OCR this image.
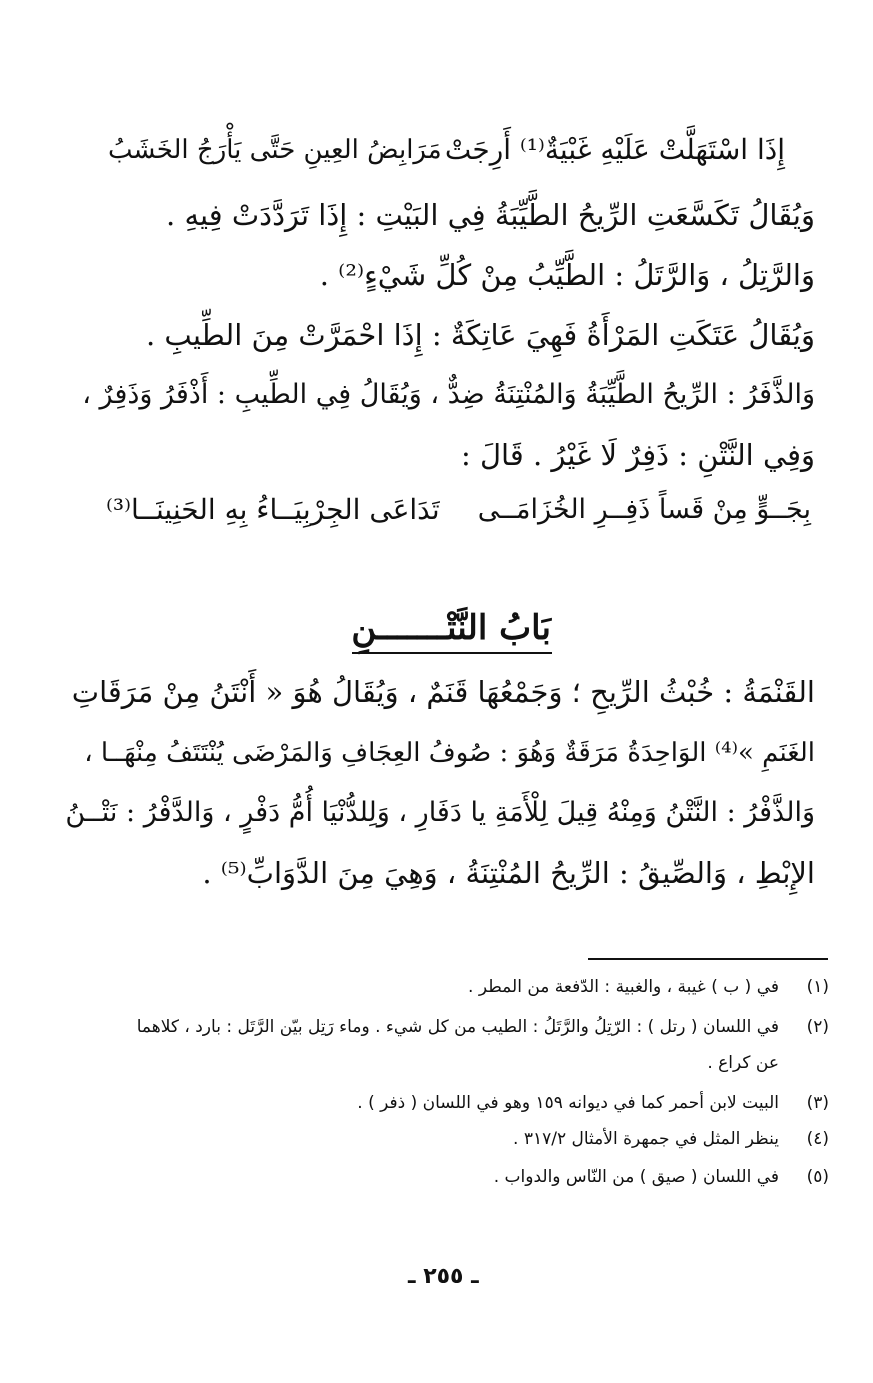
إِذَا اسْتَهَلَّتْ عَلَيْهِ غَبْيَةٌ⁽¹⁾ أَرِجَتْ
مَرَابِضُ العِينِ حَتَّى يَأْرَجُ الخَشَبُ
وَيُقَالُ تَكَسَّعَتِ الرِّيحُ الطَّيِّبَةُ فِي البَيْتِ : إِذَا تَرَدَّدَتْ فِيهِ .
وَالرَّتِلُ ، وَالرَّتَلُ : الطَّيِّبُ مِنْ كُلِّ شَيْءٍ⁽²⁾ .
وَيُقَالُ عَتَكَتِ المَرْأَةُ فَهِيَ عَاتِكَةٌ : إِذَا احْمَرَّتْ مِنَ الطِّيبِ .
وَالذَّفَرُ : الرِّيحُ الطَّيِّبَةُ وَالمُنْتِنَةُ ضِدٌّ ، وَيُقَالُ فِي الطِّيبِ : أَذْفَرُ وَذَفِرٌ ،
وَفِي النَّتْنِ : ذَفِرٌ لَا غَيْرُ . قَالَ :
بِجَــوٍّ مِنْ قَساً ذَفِــرِ الخُزَامَــى
تَدَاعَى الجِرْبِيَــاءُ بِهِ الحَنِينَــا⁽³⁾
بَابُ النَّتْـــــــنِ
القَنْمَةُ : خُبْثُ الرِّيحِ ؛ وَجَمْعُهَا قَنَمٌ ، وَيُقَالُ هُوَ « أَنْتَنُ مِنْ مَرَقَاتِ
الغَنَمِ »⁽⁴⁾ الوَاحِدَةُ مَرَقَةٌ وَهُوَ : صُوفُ العِجَافِ وَالمَرْضَى يُنْتَتَفُ مِنْهَــا ،
وَالذَّفْرُ : النَّتْنُ وَمِنْهُ قِيلَ لِلْأَمَةِ يا دَفَارِ ، وَلِلدُّنْيَا أُمُّ دَفْرٍ ، وَالدَّفْرُ : نَتْــنُ
الإِبْطِ ، وَالصِّيقُ : الرِّيحُ المُنْتِنَةُ ، وَهِيَ مِنَ الدَّوَابِّ⁽⁵⁾ .
(١)
في ( ب ) غيبة ، والغبية : الدّفعة من المطر .
(٢)
في اللسان ( رتل ) : الرّتِلُ والرَّتَلُ : الطيب من كل شيء . وماء رَتِل بيّن الرَّتَل : بارد ، كلاهما
عن كراع .
(٣)
البيت لابن أحمر كما في ديوانه ١٥٩ وهو في اللسان ( ذفر ) .
(٤)
ينظر المثل في جمهرة الأمثال ٣١٧/٢ .
(٥)
في اللسان ( صيق ) من النّاس والدواب .
ـ ٢٥٥ ـ
